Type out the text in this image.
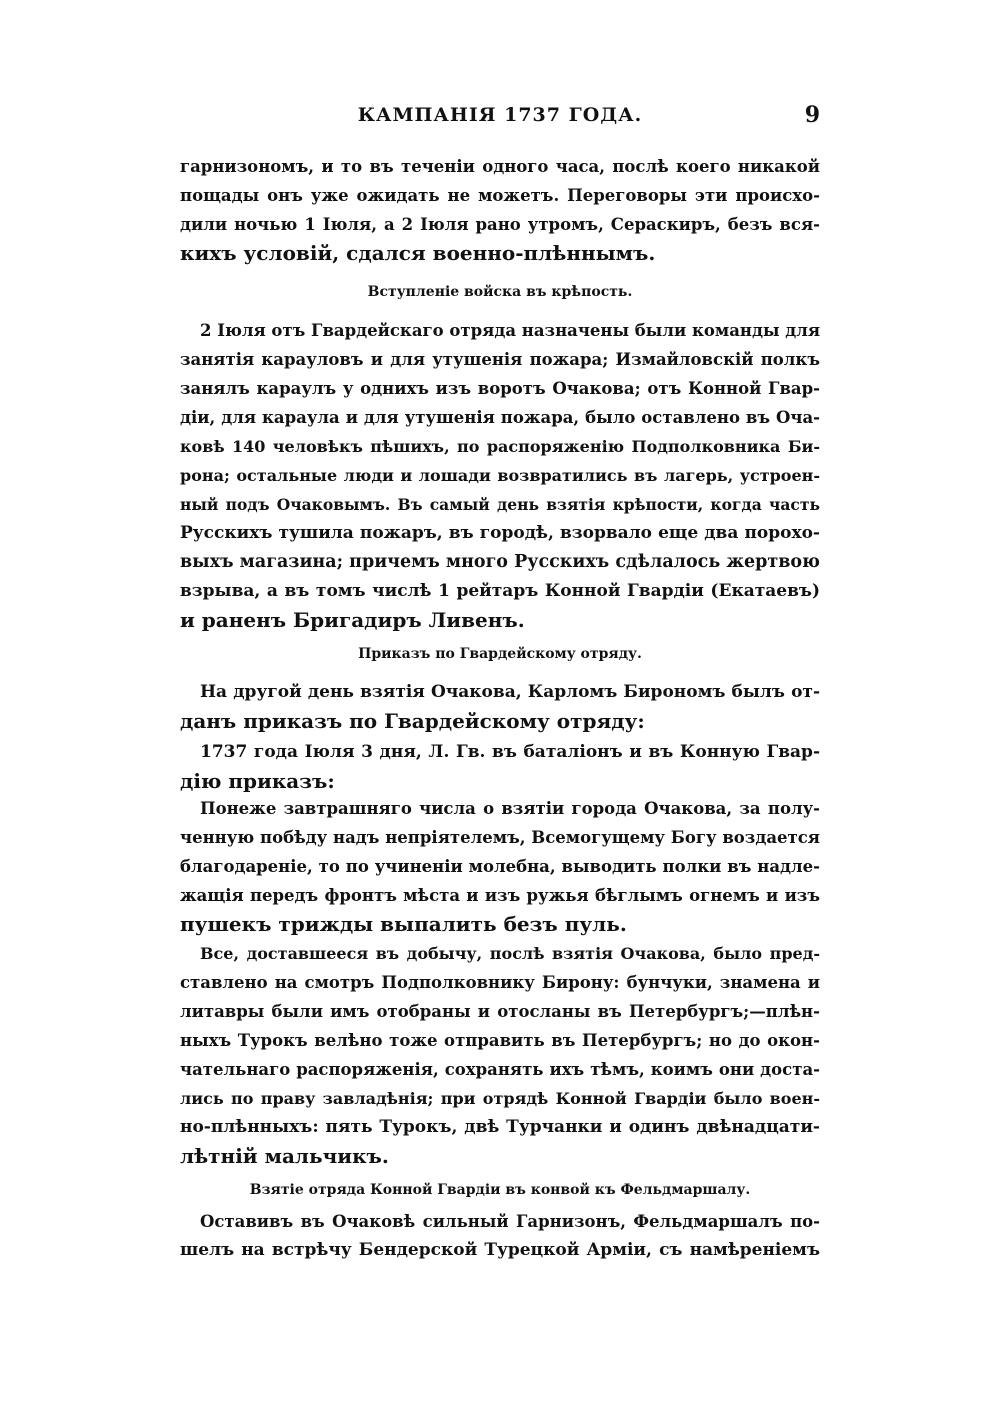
КАМПАНІЯ 1737 ГОДА.	9
гарнизономъ, и то въ теченіи одного часа, послѣ коего никакой
пощады онъ уже ожидать не можетъ. Переговоры эти происхо-
дили ночью 1 Іюля, а 2 Іюля рано утромъ, Сераскиръ, безъ вся-
кихъ условій, сдался военно-плѣннымъ.
Вступленіе войска въ крѣпость.
2 Іюля отъ Гвардейскаго отряда назначены были команды для
занятія карауловъ и для утушенія пожара; Измайловскій полкъ
занялъ караулъ у однихъ изъ воротъ Очакова; отъ Конной Гвар-
діи, для караула и для утушенія пожара, было оставлено въ Оча-
ковѣ 140 человѣкъ пѣшихъ, по распоряженію Подполковника Би-
рона; остальные люди и лошади возвратились въ лагерь, устроен-
ный подъ Очаковымъ. Въ самый день взятія крѣпости, когда часть
Русскихъ тушила пожаръ, въ городѣ, взорвало еще два порохо-
выхъ магазина; причемъ много Русскихъ сдѣлалось жертвою
взрыва, а въ томъ числѣ 1 рейтаръ Конной Гвардіи (Екатаевъ)
и раненъ Бригадиръ Ливенъ.
Приказъ по Гвардейскому отряду.
На другой день взятія Очакова, Карломъ Бирономъ былъ от-
данъ приказъ по Гвардейскому отряду:
1737 года Іюля 3 дня, Л. Гв. въ баталіонъ и въ Конную Гвар-
дію приказъ:
Понеже завтрашняго числа о взятіи города Очакова, за полу-
ченную побѣду надъ непріятелемъ, Всемогущему Богу воздается
благодареніе, то по учиненіи молебна, выводить полки въ надле-
жащія передъ фронтъ мѣста и изъ ружья бѣглымъ огнемъ и изъ
пушекъ трижды выпалить безъ пуль.
Все, доставшееся въ добычу, послѣ взятія Очакова, было пред-
ставлено на смотръ Подполковнику Бирону: бунчуки, знамена и
литавры были имъ отобраны и отосланы въ Петербургъ;—плѣн-
ныхъ Турокъ велѣно тоже отправить въ Петербургъ; но до окон-
чательнаго распоряженія, сохранять ихъ тѣмъ, коимъ они доста-
лись по праву завладѣнія; при отрядѣ Конной Гвардіи было воен-
но-плѣнныхъ: пять Турокъ, двѣ Турчанки и одинъ двѣнадцати-
лѣтній мальчикъ.
Взятіе отряда Конной Гвардіи въ конвой къ Фельдмаршалу.
Оставивъ въ Очаковѣ сильный Гарнизонъ, Фельдмаршалъ по-
шелъ на встрѣчу Бендерской Турецкой Арміи, съ намѣреніемъ
